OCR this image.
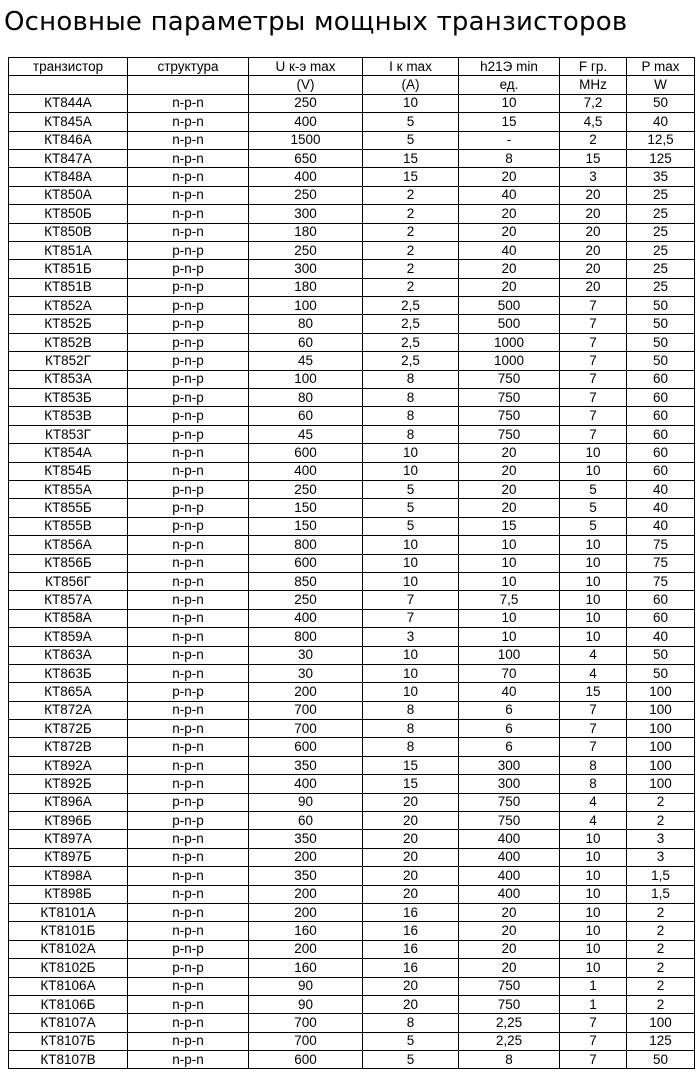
Основные параметры мощных транзисторов
транзистор	структура	U к-э max	I к max	h21Э min	F гр.	P max
		(V)	(A)	ед.	MHz	W
КТ844А	n-p-n	250	10	10	7,2	50
КТ845А	n-p-n	400	5	15	4,5	40
КТ846А	n-p-n	1500	5	-	2	12,5
КТ847А	n-p-n	650	15	8	15	125
КТ848А	n-p-n	400	15	20	3	35
КТ850А	n-p-n	250	2	40	20	25
КТ850Б	n-p-n	300	2	20	20	25
КТ850В	n-p-n	180	2	20	20	25
КТ851А	p-n-p	250	2	40	20	25
КТ851Б	p-n-p	300	2	20	20	25
КТ851В	p-n-p	180	2	20	20	25
КТ852А	p-n-p	100	2,5	500	7	50
КТ852Б	p-n-p	80	2,5	500	7	50
КТ852В	p-n-p	60	2,5	1000	7	50
КТ852Г	p-n-p	45	2,5	1000	7	50
КТ853А	p-n-p	100	8	750	7	60
КТ853Б	p-n-p	80	8	750	7	60
КТ853В	p-n-p	60	8	750	7	60
КТ853Г	p-n-p	45	8	750	7	60
КТ854А	n-p-n	600	10	20	10	60
КТ854Б	n-p-n	400	10	20	10	60
КТ855А	p-n-p	250	5	20	5	40
КТ855Б	p-n-p	150	5	20	5	40
КТ855В	p-n-p	150	5	15	5	40
КТ856А	n-p-n	800	10	10	10	75
КТ856Б	n-p-n	600	10	10	10	75
КТ856Г	n-p-n	850	10	10	10	75
КТ857А	n-p-n	250	7	7,5	10	60
КТ858А	n-p-n	400	7	10	10	60
КТ859А	n-p-n	800	3	10	10	40
КТ863А	n-p-n	30	10	100	4	50
КТ863Б	n-p-n	30	10	70	4	50
КТ865А	p-n-p	200	10	40	15	100
КТ872А	n-p-n	700	8	6	7	100
КТ872Б	n-p-n	700	8	6	7	100
КТ872В	n-p-n	600	8	6	7	100
КТ892А	n-p-n	350	15	300	8	100
КТ892Б	n-p-n	400	15	300	8	100
КТ896А	p-n-p	90	20	750	4	2
КТ896Б	p-n-p	60	20	750	4	2
КТ897А	n-p-n	350	20	400	10	3
КТ897Б	n-p-n	200	20	400	10	3
КТ898А	n-p-n	350	20	400	10	1,5
КТ898Б	n-p-n	200	20	400	10	1,5
КТ8101А	n-p-n	200	16	20	10	2
КТ8101Б	n-p-n	160	16	20	10	2
КТ8102А	p-n-p	200	16	20	10	2
КТ8102Б	p-n-p	160	16	20	10	2
КТ8106А	n-p-n	90	20	750	1	2
КТ8106Б	n-p-n	90	20	750	1	2
КТ8107А	n-p-n	700	8	2,25	7	100
КТ8107Б	n-p-n	700	5	2,25	7	125
КТ8107В	n-p-n	600	5	8	7	50
